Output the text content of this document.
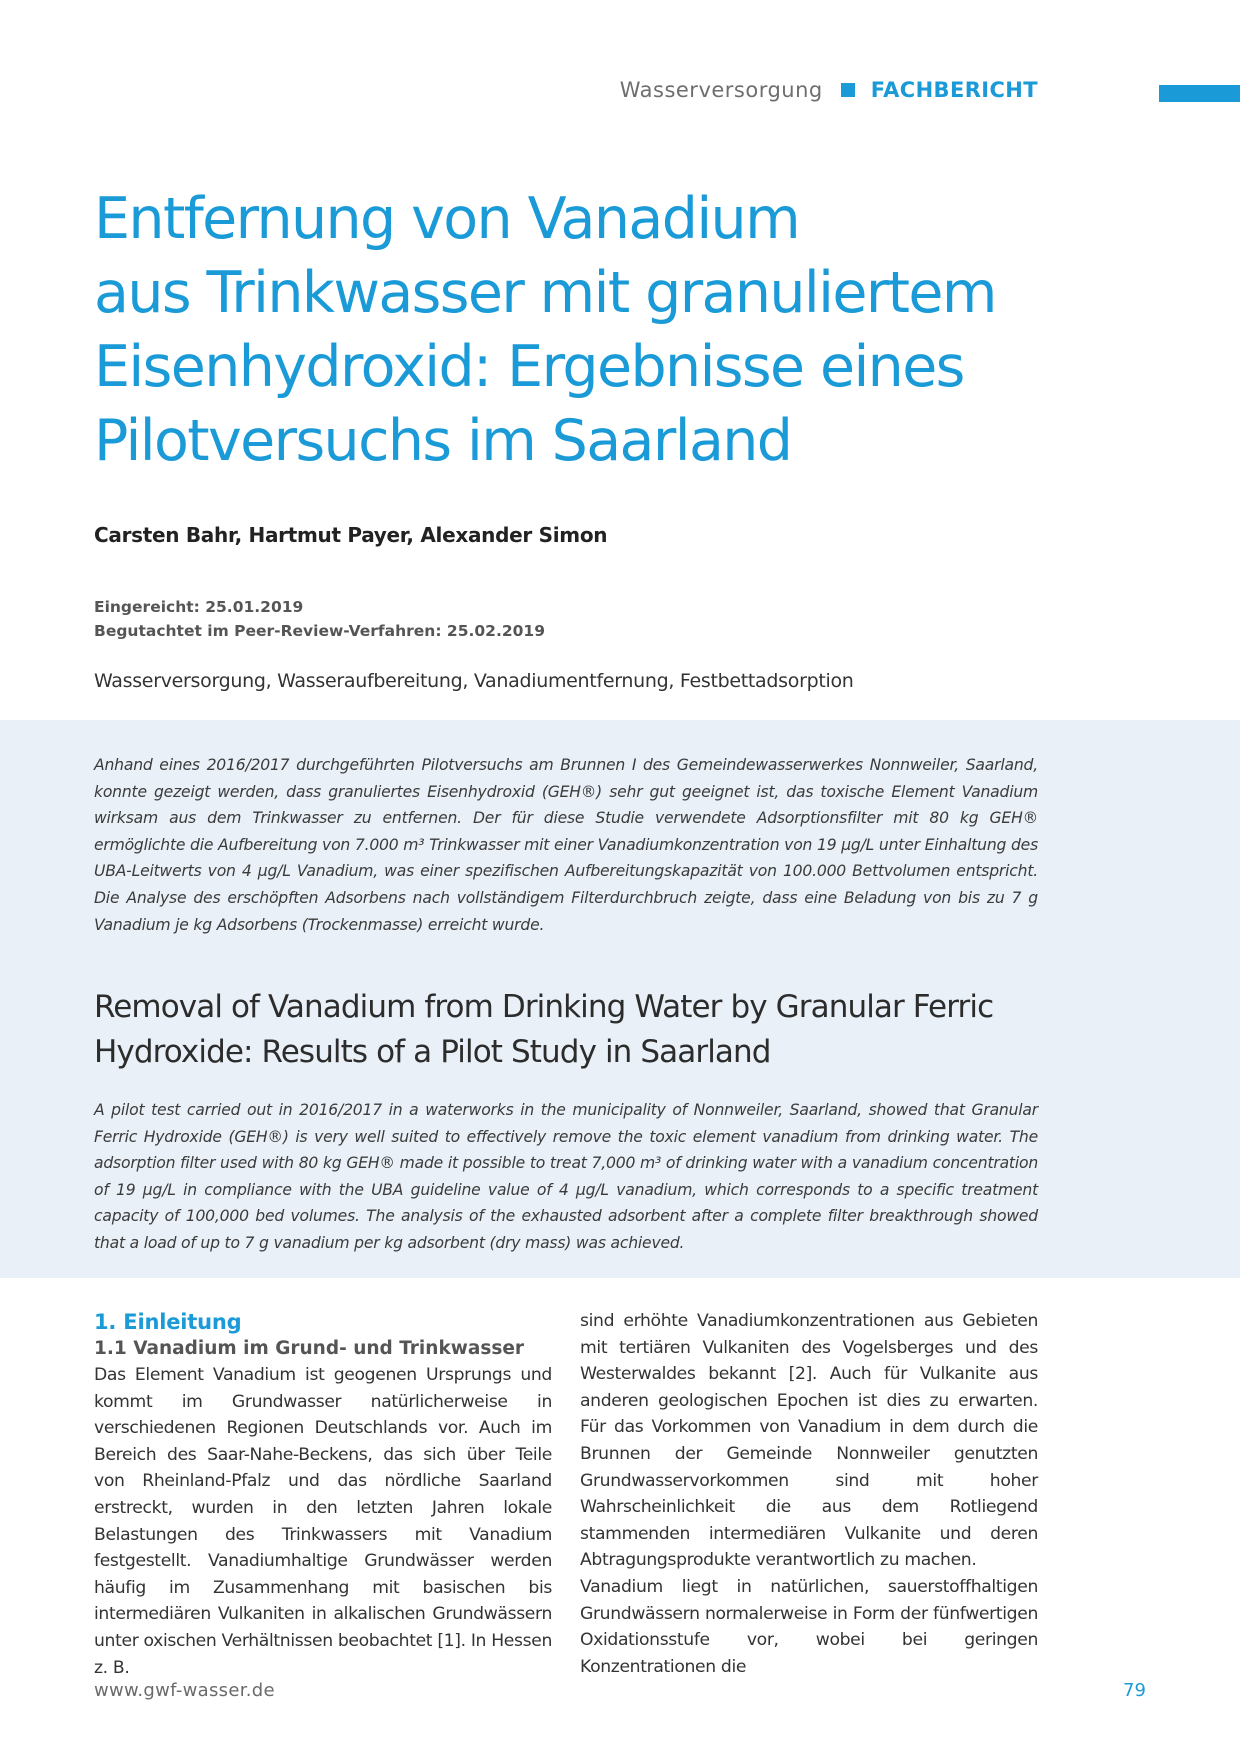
Wasserversorgung FACHBERICHT
Entfernung von Vanadium
aus Trinkwasser mit granuliertem
Eisenhydroxid: Ergebnisse eines
Pilotversuchs im Saarland
Carsten Bahr, Hartmut Payer, Alexander Simon
Eingereicht: 25.01.2019
Begutachtet im Peer-Review-Verfahren: 25.02.2019
Wasserversorgung, Wasseraufbereitung, Vanadiumentfernung, Festbettadsorption

Anhand eines 2016/2017 durchgeführten Pilotversuchs am Brunnen I des Gemeindewasserwerkes Nonnweiler, Saarland, konnte gezeigt werden, dass granuliertes Eisenhydroxid (GEH®) sehr gut geeignet ist, das toxische Element Vanadium wirksam aus dem Trinkwasser zu entfernen. Der für diese Studie verwendete Adsorptionsfilter mit 80 kg GEH® ermöglichte die Aufbereitung von 7.000 m³ Trinkwasser mit einer Vanadiumkonzentration von 19 µg/L unter Einhaltung des UBA-Leitwerts von 4 µg/L Vanadium, was einer spezifischen Aufbereitungskapazität von 100.000 Bettvolumen entspricht. Die Analyse des erschöpften Adsorbens nach vollständigem Filterdurchbruch zeigte, dass eine Beladung von bis zu 7 g Vanadium je kg Adsorbens (Trockenmasse) erreicht wurde.

Removal of Vanadium from Drinking Water by Granular Ferric
Hydroxide: Results of a Pilot Study in Saarland

A pilot test carried out in 2016/2017 in a waterworks in the municipality of Nonnweiler, Saarland, showed that Granular Ferric Hydroxide (GEH®) is very well suited to effectively remove the toxic element vanadium from drinking water. The adsorption filter used with 80 kg GEH® made it possible to treat 7,000 m³ of drinking water with a vanadium concentration of 19 µg/L in compliance with the UBA guideline value of 4 µg/L vanadium, which corresponds to a specific treatment capacity of 100,000 bed volumes. The analysis of the exhausted adsorbent after a complete filter breakthrough showed that a load of up to 7 g vanadium per kg adsorbent (dry mass) was achieved.

1. Einleitung
1.1 Vanadium im Grund- und Trinkwasser

Das Element Vanadium ist geogenen Ursprungs und kommt im Grundwasser natürlicherweise in verschiedenen Regionen Deutschlands vor. Auch im Bereich des Saar-Nahe-Beckens, das sich über Teile von Rheinland-Pfalz und das nördliche Saarland erstreckt, wurden in den letzten Jahren lokale Belastungen des Trinkwassers mit Vanadium festgestellt. Vanadiumhaltige Grundwässer werden häufig im Zusammenhang mit basischen bis intermediären Vulkaniten in alkalischen Grundwässern unter oxischen Verhältnissen beobachtet [1]. In Hessen z. B.

sind erhöhte Vanadiumkonzentrationen aus Gebieten mit tertiären Vulkaniten des Vogelsberges und des Westerwaldes bekannt [2]. Auch für Vulkanite aus anderen geologischen Epochen ist dies zu erwarten. Für das Vorkommen von Vanadium in dem durch die Brunnen der Gemeinde Nonnweiler genutzten Grundwasservorkommen sind mit hoher Wahrscheinlichkeit die aus dem Rotliegend stammenden intermediären Vulkanite und deren Abtragungsprodukte verantwortlich zu machen.

Vanadium liegt in natürlichen, sauerstoffhaltigen Grundwässern normalerweise in Form der fünfwertigen Oxidationsstufe vor, wobei bei geringen Konzentrationen die

www.gwf-wasser.de	79
